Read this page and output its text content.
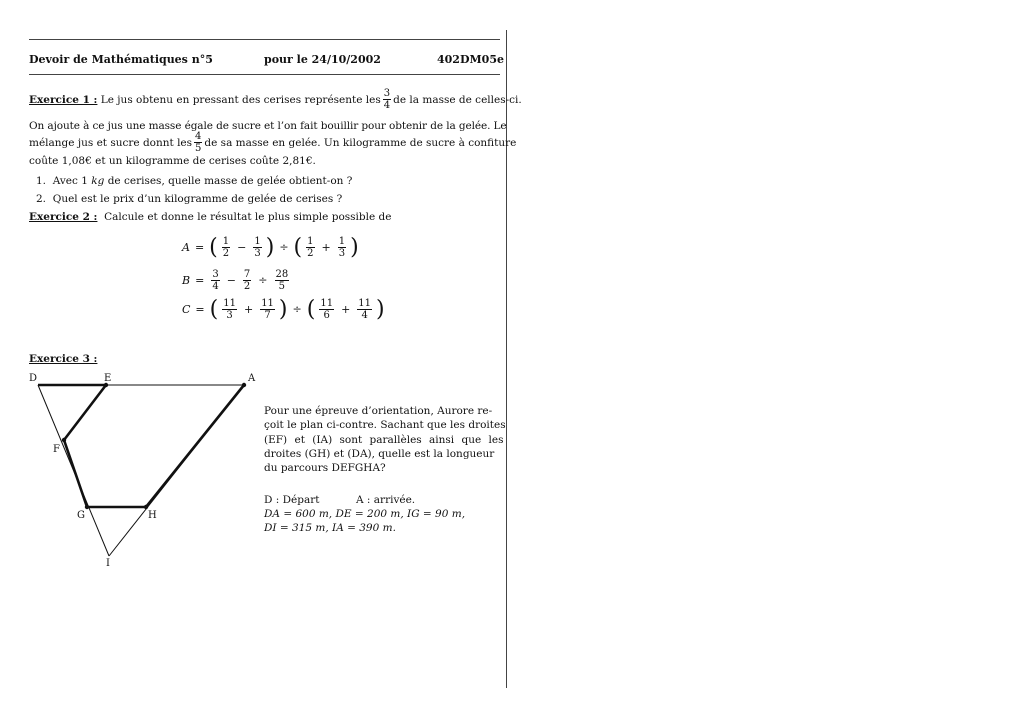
Devoir de Mathématiques n°5	pour le 24/10/2002	402DM05e
Exercice 1 :
Le jus obtenu en pressant des cerises représente les $\frac{3}{4}$ de la masse de celles-ci.
On ajoute à ce jus une masse égale de sucre et l’on fait bouillir pour obtenir de la gelée. Le
mélange jus et sucre donnt les $\frac{4}{5}$ de sa masse en gelée. Un kilogramme de sucre à confiture
coûte 1,08€ et un kilogramme de cerises coûte 2,81€.
1. Avec 1 kg de cerises, quelle masse de gelée obtient-on ?
2. Quel est le prix d’un kilogramme de gelée de cerises ?
Exercice 2 : Calcule et donne le résultat le plus simple possible de
A = ( $\frac{1}{2} - \frac{1}{3}$ ) ÷ ( $\frac{1}{2} + \frac{1}{3}$ )
$B = \frac{3}{4} - \frac{7}{2} \div \frac{28}{5}$
C = ( $\frac{11}{3} + \frac{11}{7}$ ) ÷ ( $\frac{11}{6} + \frac{11}{4}$ )
Exercice 3 :
D	E	A
F
G	H
I
Pour une épreuve d’orientation, Aurore re-
çoit le plan ci-contre. Sachant que les droites
(EF) et (IA) sont parallèles ainsi que les
droites (GH) et (DA), quelle est la longueur
du parcours DEFGHA?
D : Départ	A : arrivée.
DA = 600 m, DE = 200 m, IG = 90 m,
DI = 315 m, IA = 390 m.
